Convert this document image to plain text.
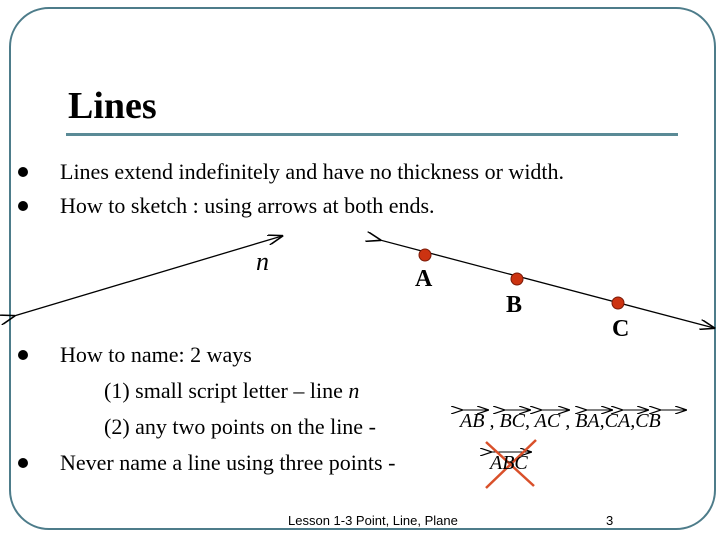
Lines
Lines extend indefinitely and have no thickness or width.
How to sketch : using arrows at both ends.
How to name: 2 ways
(1) small script letter – line n
(2) any two points on the line -
Never name a line using three points -
n
A
B
C
AB , BC, AC , BA,CA,CB
ABC
Lesson 1-3 Point, Line, Plane	3
